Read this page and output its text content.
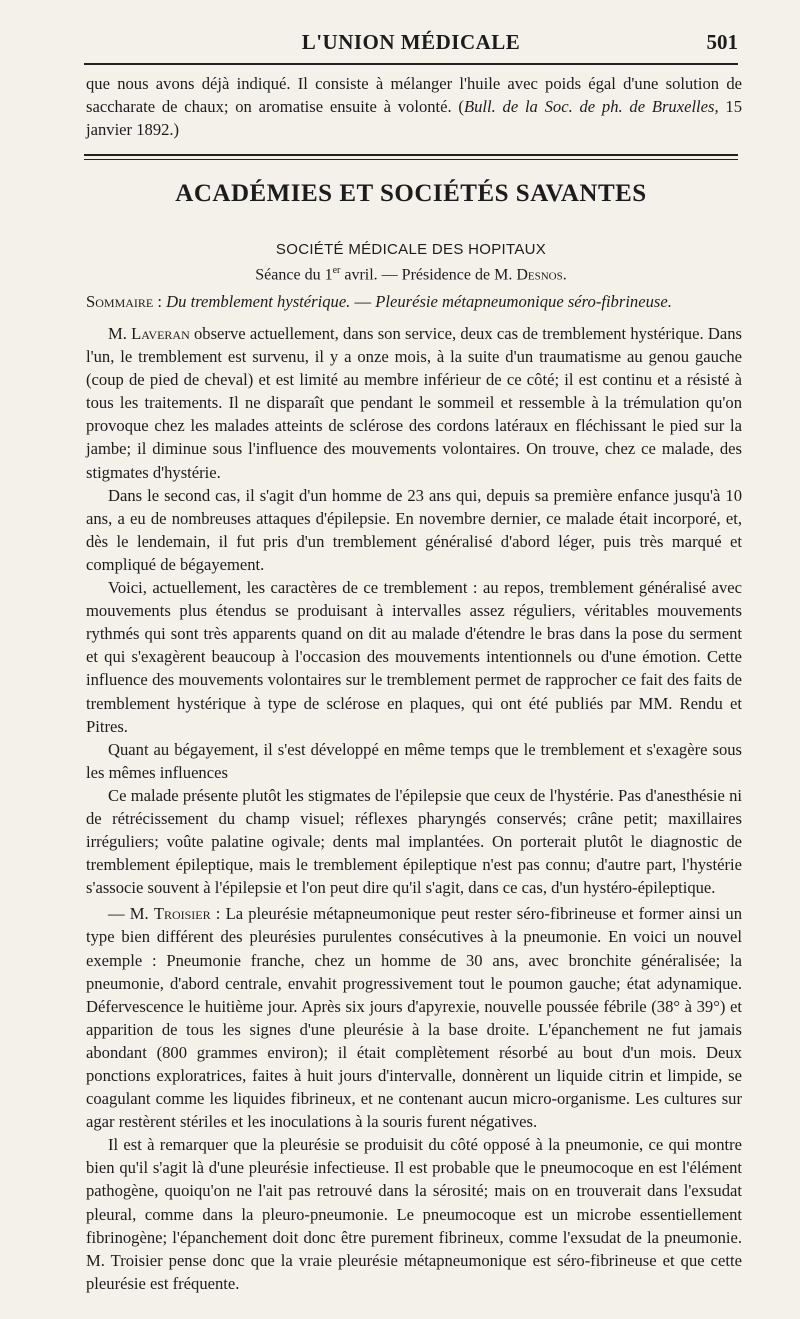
L'UNION MÉDICALE	501

que nous avons déjà indiqué. Il consiste à mélanger l'huile avec poids égal d'une solution de saccharate de chaux; on aromatise ensuite à volonté. (Bull. de la Soc. de ph. de Bruxelles, 15 janvier 1892.)

ACADÉMIES ET SOCIÉTÉS SAVANTES
SOCIÉTÉ MÉDICALE DES HOPITAUX
Séance du 1er avril. — Présidence de M. Desnos.
Sommaire : Du tremblement hystérique. — Pleurésie métapneumonique séro-fibrineuse.

M. Laveran observe actuellement, dans son service, deux cas de tremblement hystérique. Dans l'un, le tremblement est survenu, il y a onze mois, à la suite d'un traumatisme au genou gauche (coup de pied de cheval) et est limité au membre inférieur de ce côté; il est continu et a résisté à tous les traitements. Il ne disparaît que pendant le sommeil et ressemble à la trémulation qu'on provoque chez les malades atteints de sclérose des cordons latéraux en fléchissant le pied sur la jambe; il diminue sous l'influence des mouvements volontaires. On trouve, chez ce malade, des stigmates d'hystérie.

Dans le second cas, il s'agit d'un homme de 23 ans qui, depuis sa première enfance jusqu'à 10 ans, a eu de nombreuses attaques d'épilepsie. En novembre dernier, ce malade était incorporé, et, dès le lendemain, il fut pris d'un tremblement généralisé d'abord léger, puis très marqué et compliqué de bégayement.

Voici, actuellement, les caractères de ce tremblement : au repos, tremblement généralisé avec mouvements plus étendus se produisant à intervalles assez réguliers, véritables mouvements rythmés qui sont très apparents quand on dit au malade d'étendre le bras dans la pose du serment et qui s'exagèrent beaucoup à l'occasion des mouvements intentionnels ou d'une émotion. Cette influence des mouvements volontaires sur le tremblement permet de rapprocher ce fait des faits de tremblement hystérique à type de sclérose en plaques, qui ont été publiés par MM. Rendu et Pitres.

Quant au bégayement, il s'est développé en même temps que le tremblement et s'exagère sous les mêmes influences

Ce malade présente plutôt les stigmates de l'épilepsie que ceux de l'hystérie. Pas d'anesthésie ni de rétrécissement du champ visuel; réflexes pharyngés conservés; crâne petit; maxillaires irréguliers; voûte palatine ogivale; dents mal implantées. On porterait plutôt le diagnostic de tremblement épileptique, mais le tremblement épileptique n'est pas connu; d'autre part, l'hystérie s'associe souvent à l'épilepsie et l'on peut dire qu'il s'agit, dans ce cas, d'un hystéro-épileptique.

— M. Troisier : La pleurésie métapneumonique peut rester séro-fibrineuse et former ainsi un type bien différent des pleurésies purulentes consécutives à la pneumonie. En voici un nouvel exemple : Pneumonie franche, chez un homme de 30 ans, avec bronchite généralisée; la pneumonie, d'abord centrale, envahit progressivement tout le poumon gauche; état adynamique. Défervescence le huitième jour. Après six jours d'apyrexie, nouvelle poussée fébrile (38° à 39°) et apparition de tous les signes d'une pleurésie à la base droite. L'épanchement ne fut jamais abondant (800 grammes environ); il était complètement résorbé au bout d'un mois. Deux ponctions exploratrices, faites à huit jours d'intervalle, donnèrent un liquide citrin et limpide, se coagulant comme les liquides fibrineux, et ne contenant aucun micro-organisme. Les cultures sur agar restèrent stériles et les inoculations à la souris furent négatives.

Il est à remarquer que la pleurésie se produisit du côté opposé à la pneumonie, ce qui montre bien qu'il s'agit là d'une pleurésie infectieuse. Il est probable que le pneumocoque en est l'élément pathogène, quoiqu'on ne l'ait pas retrouvé dans la sérosité; mais on en trouverait dans l'exsudat pleural, comme dans la pleuro-pneumonie. Le pneumocoque est un microbe essentiellement fibrinogène; l'épanchement doit donc être purement fibrineux, comme l'exsudat de la pneumonie. M. Troisier pense donc que la vraie pleurésie métapneumonique est séro-fibrineuse et que cette pleurésie est fréquente.
